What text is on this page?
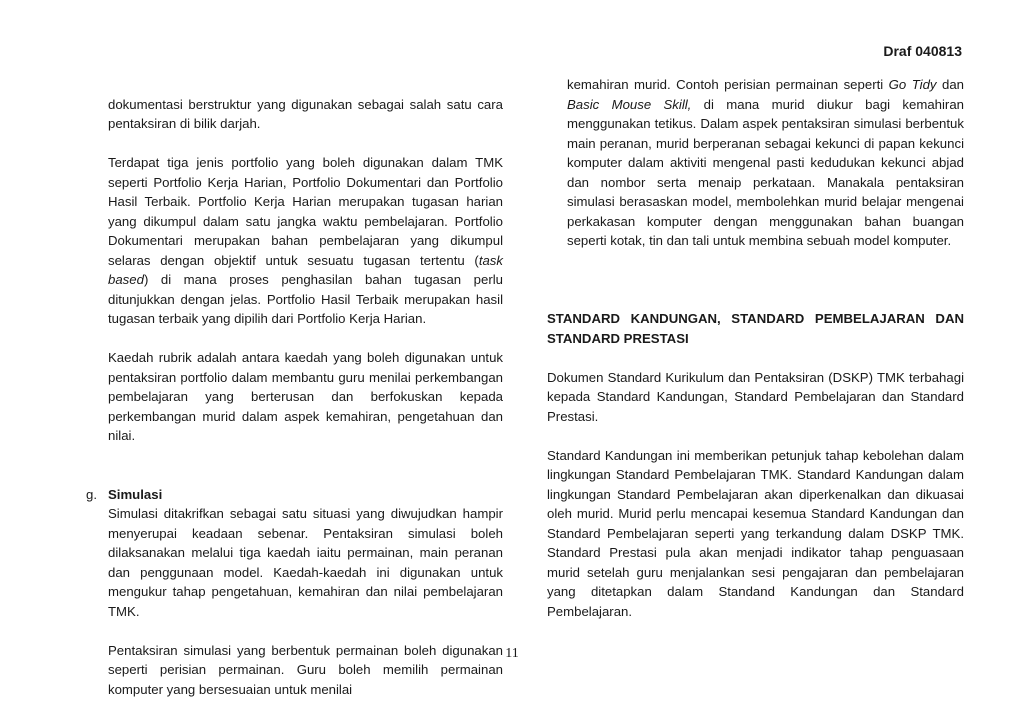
Draf 040813

dokumentasi berstruktur yang digunakan sebagai salah satu cara pentaksiran di bilik darjah.

Terdapat tiga jenis portfolio yang boleh digunakan dalam TMK seperti Portfolio Kerja Harian, Portfolio Dokumentari dan Portfolio Hasil Terbaik. Portfolio Kerja Harian merupakan tugasan harian yang dikumpul dalam satu jangka waktu pembelajaran. Portfolio Dokumentari merupakan bahan pembelajaran yang dikumpul selaras dengan objektif untuk sesuatu tugasan tertentu (task based) di mana proses penghasilan bahan tugasan perlu ditunjukkan dengan jelas. Portfolio Hasil Terbaik merupakan hasil tugasan terbaik yang dipilih dari Portfolio Kerja Harian.

Kaedah rubrik adalah antara kaedah yang boleh digunakan untuk pentaksiran portfolio dalam membantu guru menilai perkembangan pembelajaran yang berterusan dan berfokuskan kepada perkembangan murid dalam aspek kemahiran, pengetahuan dan nilai.

g. Simulasi

Simulasi ditakrifkan sebagai satu situasi yang diwujudkan hampir menyerupai keadaan sebenar. Pentaksiran simulasi boleh dilaksanakan melalui tiga kaedah iaitu permainan, main peranan dan penggunaan model. Kaedah-kaedah ini digunakan untuk mengukur tahap pengetahuan, kemahiran dan nilai pembelajaran TMK.

Pentaksiran simulasi yang berbentuk permainan boleh digunakan seperti perisian permainan. Guru boleh memilih permainan komputer yang bersesuaian untuk menilai

kemahiran murid. Contoh perisian permainan seperti Go Tidy dan Basic Mouse Skill, di mana murid diukur bagi kemahiran menggunakan tetikus. Dalam aspek pentaksiran simulasi berbentuk main peranan, murid berperanan sebagai kekunci di papan kekunci komputer dalam aktiviti mengenal pasti kedudukan kekunci abjad dan nombor serta menaip perkataan. Manakala pentaksiran simulasi berasaskan model, membolehkan murid belajar mengenai perkakasan komputer dengan menggunakan bahan buangan seperti kotak, tin dan tali untuk membina sebuah model komputer.

STANDARD KANDUNGAN, STANDARD PEMBELAJARAN DAN STANDARD PRESTASI

Dokumen Standard Kurikulum dan Pentaksiran (DSKP) TMK terbahagi kepada Standard Kandungan, Standard Pembelajaran dan Standard Prestasi.

Standard Kandungan ini memberikan petunjuk tahap kebolehan dalam lingkungan Standard Pembelajaran TMK. Standard Kandungan dalam lingkungan Standard Pembelajaran akan diperkenalkan dan dikuasai oleh murid. Murid perlu mencapai kesemua Standard Kandungan dan Standard Pembelajaran seperti yang terkandung dalam DSKP TMK. Standard Prestasi pula akan menjadi indikator tahap penguasaan murid setelah guru menjalankan sesi pengajaran dan pembelajaran yang ditetapkan dalam Standand Kandungan dan Standard Pembelajaran.

11
